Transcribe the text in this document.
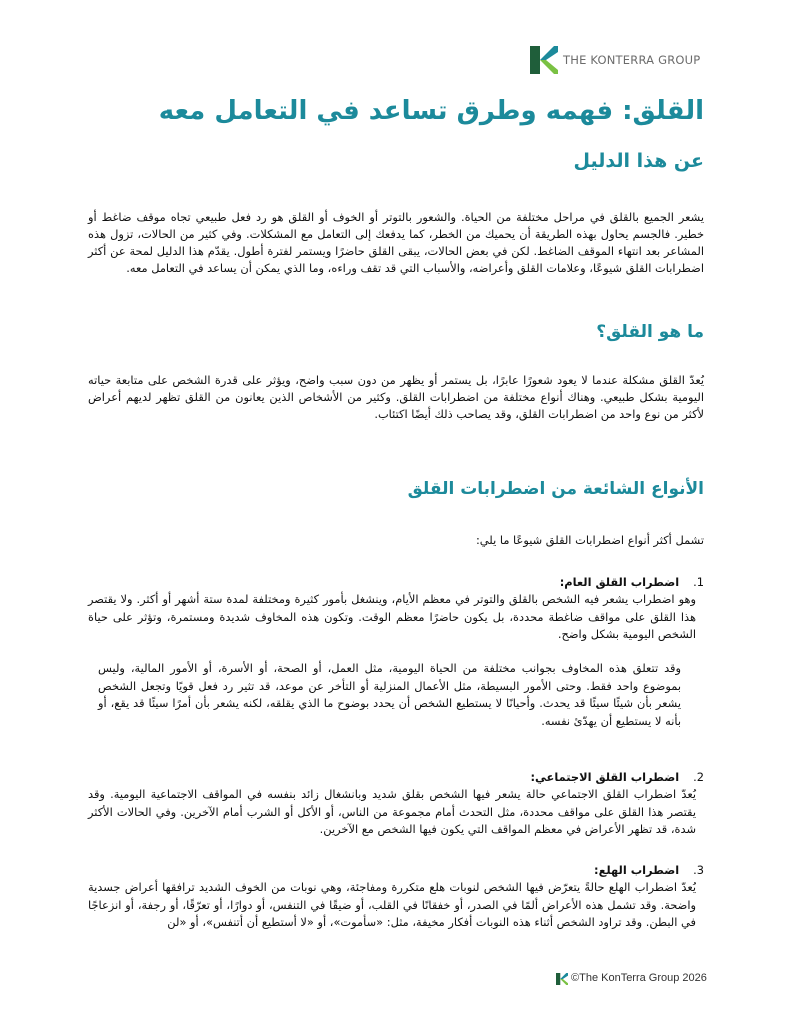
THE KONTERRA GROUP
القلق: فهمه وطرق تساعد في التعامل معه
عن هذا الدليل

يشعر الجميع بالقلق في مراحل مختلفة من الحياة. والشعور بالتوتر أو الخوف أو القلق هو رد فعل طبيعي تجاه موقف ضاغط أو خطير. فالجسم يحاول بهذه الطريقة أن يحميك من الخطر، كما يدفعك إلى التعامل مع المشكلات. وفي كثير من الحالات، تزول هذه المشاعر بعد انتهاء الموقف الضاغط. لكن في بعض الحالات، يبقى القلق حاضرًا ويستمر لفترة أطول. يقدّم هذا الدليل لمحة عن أكثر اضطرابات القلق شيوعًا، وعلامات القلق وأعراضه، والأسباب التي قد تقف وراءه، وما الذي يمكن أن يساعد في التعامل معه.

ما هو القلق؟

يُعدّ القلق مشكلة عندما لا يعود شعورًا عابرًا، بل يستمر أو يظهر من دون سبب واضح، ويؤثر على قدرة الشخص على متابعة حياته اليومية بشكل طبيعي. وهناك أنواع مختلفة من اضطرابات القلق. وكثير من الأشخاص الذين يعانون من القلق تظهر لديهم أعراض لأكثر من نوع واحد من اضطرابات القلق، وقد يصاحب ذلك أيضًا اكتئاب.

الأنواع الشائعة من اضطرابات القلق
تشمل أكثر أنواع اضطرابات القلق شيوعًا ما يلي:
1. اضطراب القلق العام:

وهو اضطراب يشعر فيه الشخص بالقلق والتوتر في معظم الأيام، وينشغل بأمور كثيرة ومختلفة لمدة ستة أشهر أو أكثر. ولا يقتصر هذا القلق على مواقف ضاغطة محددة، بل يكون حاضرًا معظم الوقت. وتكون هذه المخاوف شديدة ومستمرة، وتؤثر على حياة الشخص اليومية بشكل واضح.

وقد تتعلق هذه المخاوف بجوانب مختلفة من الحياة اليومية، مثل العمل، أو الصحة، أو الأسرة، أو الأمور المالية، وليس بموضوع واحد فقط. وحتى الأمور البسيطة، مثل الأعمال المنزلية أو التأخر عن موعد، قد تثير رد فعل قويًا وتجعل الشخص يشعر بأن شيئًا سيئًا قد يحدث. وأحيانًا لا يستطيع الشخص أن يحدد بوضوح ما الذي يقلقه، لكنه يشعر بأن أمرًا سيئًا قد يقع، أو بأنه لا يستطيع أن يهدّئ نفسه.

2. اضطراب القلق الاجتماعي:

يُعدّ اضطراب القلق الاجتماعي حالة يشعر فيها الشخص بقلق شديد وبانشغال زائد بنفسه في المواقف الاجتماعية اليومية. وقد يقتصر هذا القلق على مواقف محددة، مثل التحدث أمام مجموعة من الناس، أو الأكل أو الشرب أمام الآخرين. وفي الحالات الأكثر شدة، قد تظهر الأعراض في معظم المواقف التي يكون فيها الشخص مع الآخرين.

3. اضطراب الهلع:

يُعدّ اضطراب الهلع حالةً يتعرّض فيها الشخص لنوبات هلع متكررة ومفاجئة، وهي نوبات من الخوف الشديد ترافقها أعراض جسدية واضحة. وقد تشمل هذه الأعراض ألمًا في الصدر، أو خفقانًا في القلب، أو ضيقًا في التنفس، أو دوارًا، أو تعرّقًا، أو رجفة، أو انزعاجًا في البطن. وقد تراود الشخص أثناء هذه النوبات أفكار مخيفة، مثل: «سأموت»، أو «لا أستطيع أن أتنفس»، أو «لن

©The KonTerra Group 2026
